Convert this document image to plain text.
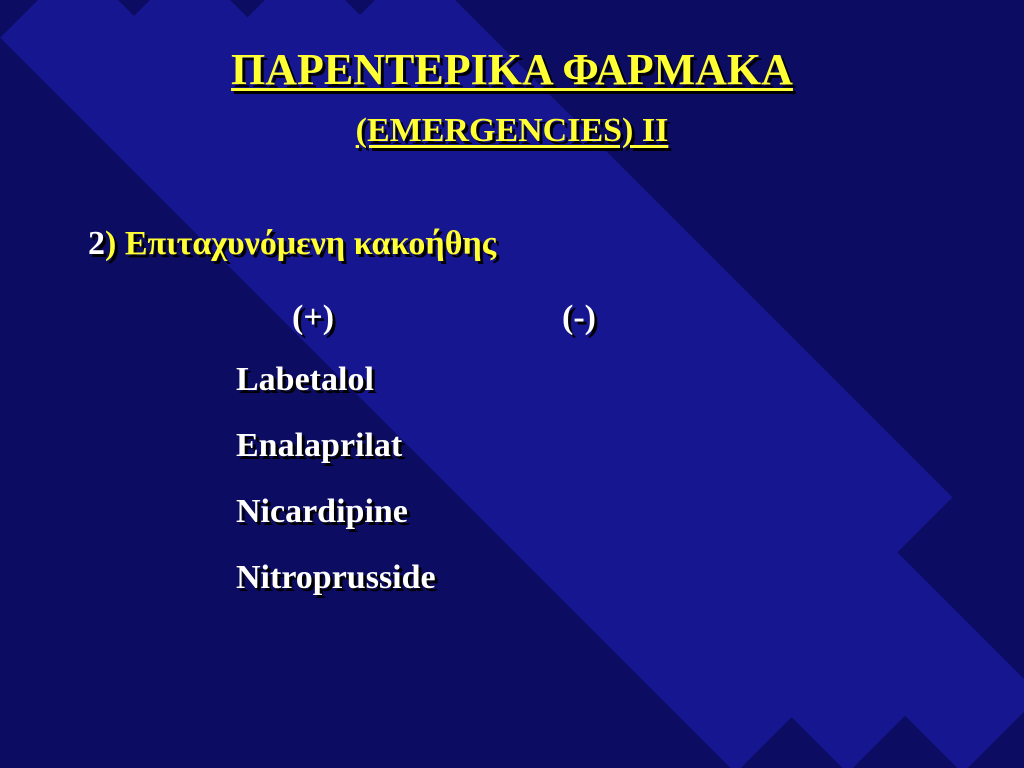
ΠΑΡΕΝΤΕΡΙΚΑ ΦΑΡΜΑΚΑ
(EMERGENCIES) II

2) Επιταχυνόμενη κακοήθης

(+)	(-)

Labetalol

Enalaprilat

Nicardipine

Nitroprusside
